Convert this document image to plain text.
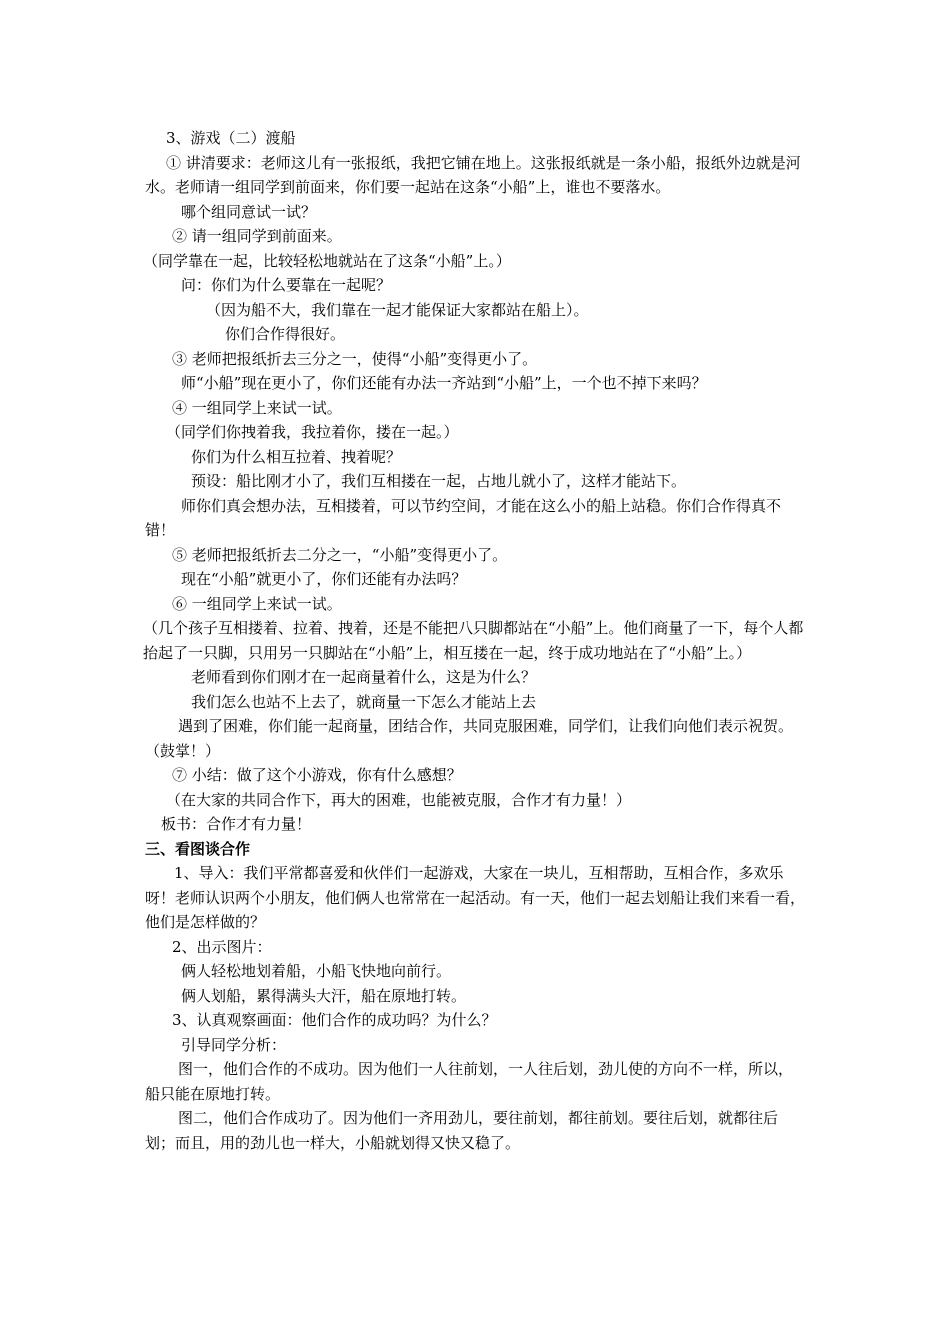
3、游戏（二）渡船

① 讲清要求：老师这儿有一张报纸，我把它铺在地上。这张报纸就是一条小船，报纸外边就是河水。老师请一组同学到前面来，你们要一起站在这条“小船”上，谁也不要落水。

哪个组同意试一试？

② 请一组同学到前面来。

（同学靠在一起，比较轻松地就站在了这条“小船”上。）

问：你们为什么要靠在一起呢？

（因为船不大，我们靠在一起才能保证大家都站在船上）。

你们合作得很好。

③ 老师把报纸折去三分之一，使得“小船”变得更小了。

师“小船”现在更小了，你们还能有办法一齐站到“小船”上，一个也不掉下来吗？

④ 一组同学上来试一试。

（同学们你拽着我，我拉着你，搂在一起。）

你们为什么相互拉着、拽着呢？

预设：船比刚才小了，我们互相搂在一起，占地儿就小了，这样才能站下。

师你们真会想办法，互相搂着，可以节约空间，才能在这么小的船上站稳。你们合作得真不错！

⑤ 老师把报纸折去二分之一，“小船”变得更小了。

现在“小船”就更小了，你们还能有办法吗？

⑥ 一组同学上来试一试。

（几个孩子互相搂着、拉着、拽着，还是不能把八只脚都站在“小船”上。他们商量了一下，每个人都抬起了一只脚，只用另一只脚站在“小船”上，相互搂在一起，终于成功地站在了“小船”上。）

老师看到你们刚才在一起商量着什么，这是为什么？

我们怎么也站不上去了，就商量一下怎么才能站上去

遇到了困难，你们能一起商量，团结合作，共同克服困难，同学们，让我们向他们表示祝贺。（鼓掌！）

⑦ 小结：做了这个小游戏，你有什么感想？

（在大家的共同合作下，再大的困难，也能被克服，合作才有力量！）

板书：合作才有力量！

三、看图谈合作

1、导入：我们平常都喜爱和伙伴们一起游戏，大家在一块儿，互相帮助，互相合作，多欢乐呀！老师认识两个小朋友，他们俩人也常常在一起活动。有一天，他们一起去划船让我们来看一看，他们是怎样做的？

2、出示图片：

俩人轻松地划着船，小船飞快地向前行。

俩人划船，累得满头大汗，船在原地打转。

3、认真观察画面：他们合作的成功吗？为什么？

引导同学分析：

图一，他们合作的不成功。因为他们一人往前划，一人往后划，劲儿使的方向不一样，所以，船只能在原地打转。

图二，他们合作成功了。因为他们一齐用劲儿，要往前划，都往前划。要往后划，就都往后划；而且，用的劲儿也一样大，小船就划得又快又稳了。
